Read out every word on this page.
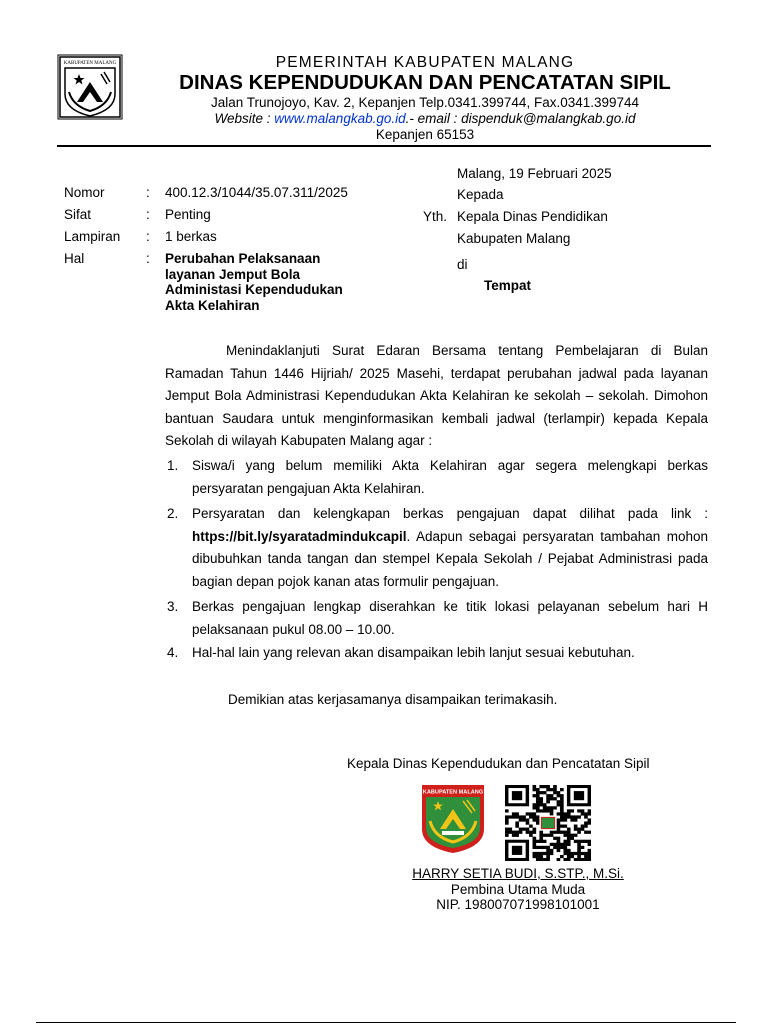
KABUPATEN MALANG	PEMERINTAH KABUPATEN MALANG
DINAS KEPENDUDUKAN DAN PENCATATAN SIPIL
Jalan Trunojoyo, Kav. 2, Kepanjen Telp.0341.399744, Fax.0341.399744
Website : www.malangkab.go.id.- email : dispenduk@malangkab.go.id
Kepanjen 65153
Malang, 19 Februari 2025
Kepada
Yth. Kepala Dinas Pendidikan
Kabupaten Malang
di
Tempat
Nomor	: 400.12.3/1044/35.07.311/2025
Sifat	: Penting
Lampiran : 1 berkas
Hal	: Perubahan Pelaksanaan layanan Jemput Bola Administasi Kependudukan Akta Kelahiran
Menindaklanjuti Surat Edaran Bersama tentang Pembelajaran di Bulan Ramadan Tahun 1446 Hijriah/ 2025 Masehi, terdapat perubahan jadwal pada layanan Jemput Bola Administrasi Kependudukan Akta Kelahiran ke sekolah – sekolah. Dimohon bantuan Saudara untuk menginformasikan kembali jadwal (terlampir) kepada Kepala Sekolah di wilayah Kabupaten Malang agar :
1. Siswa/i yang belum memiliki Akta Kelahiran agar segera melengkapi berkas persyaratan pengajuan Akta Kelahiran.
2. Persyaratan dan kelengkapan berkas pengajuan dapat dilihat pada link : https://bit.ly/syaratadmindukcapil. Adapun sebagai persyaratan tambahan mohon dibubuhkan tanda tangan dan stempel Kepala Sekolah / Pejabat Administrasi pada bagian depan pojok kanan atas formulir pengajuan.
3. Berkas pengajuan lengkap diserahkan ke titik lokasi pelayanan sebelum hari H pelaksanaan pukul 08.00 – 10.00.
4. Hal-hal lain yang relevan akan disampaikan lebih lanjut sesuai kebutuhan.
Demikian atas kerjasamanya disampaikan terimakasih.
Kepala Dinas Kependudukan dan Pencatatan Sipil
KABUPATEN MALANG
HARRY SETIA BUDI, S.STP., M.Si.
Pembina Utama Muda
NIP. 198007071998101001
